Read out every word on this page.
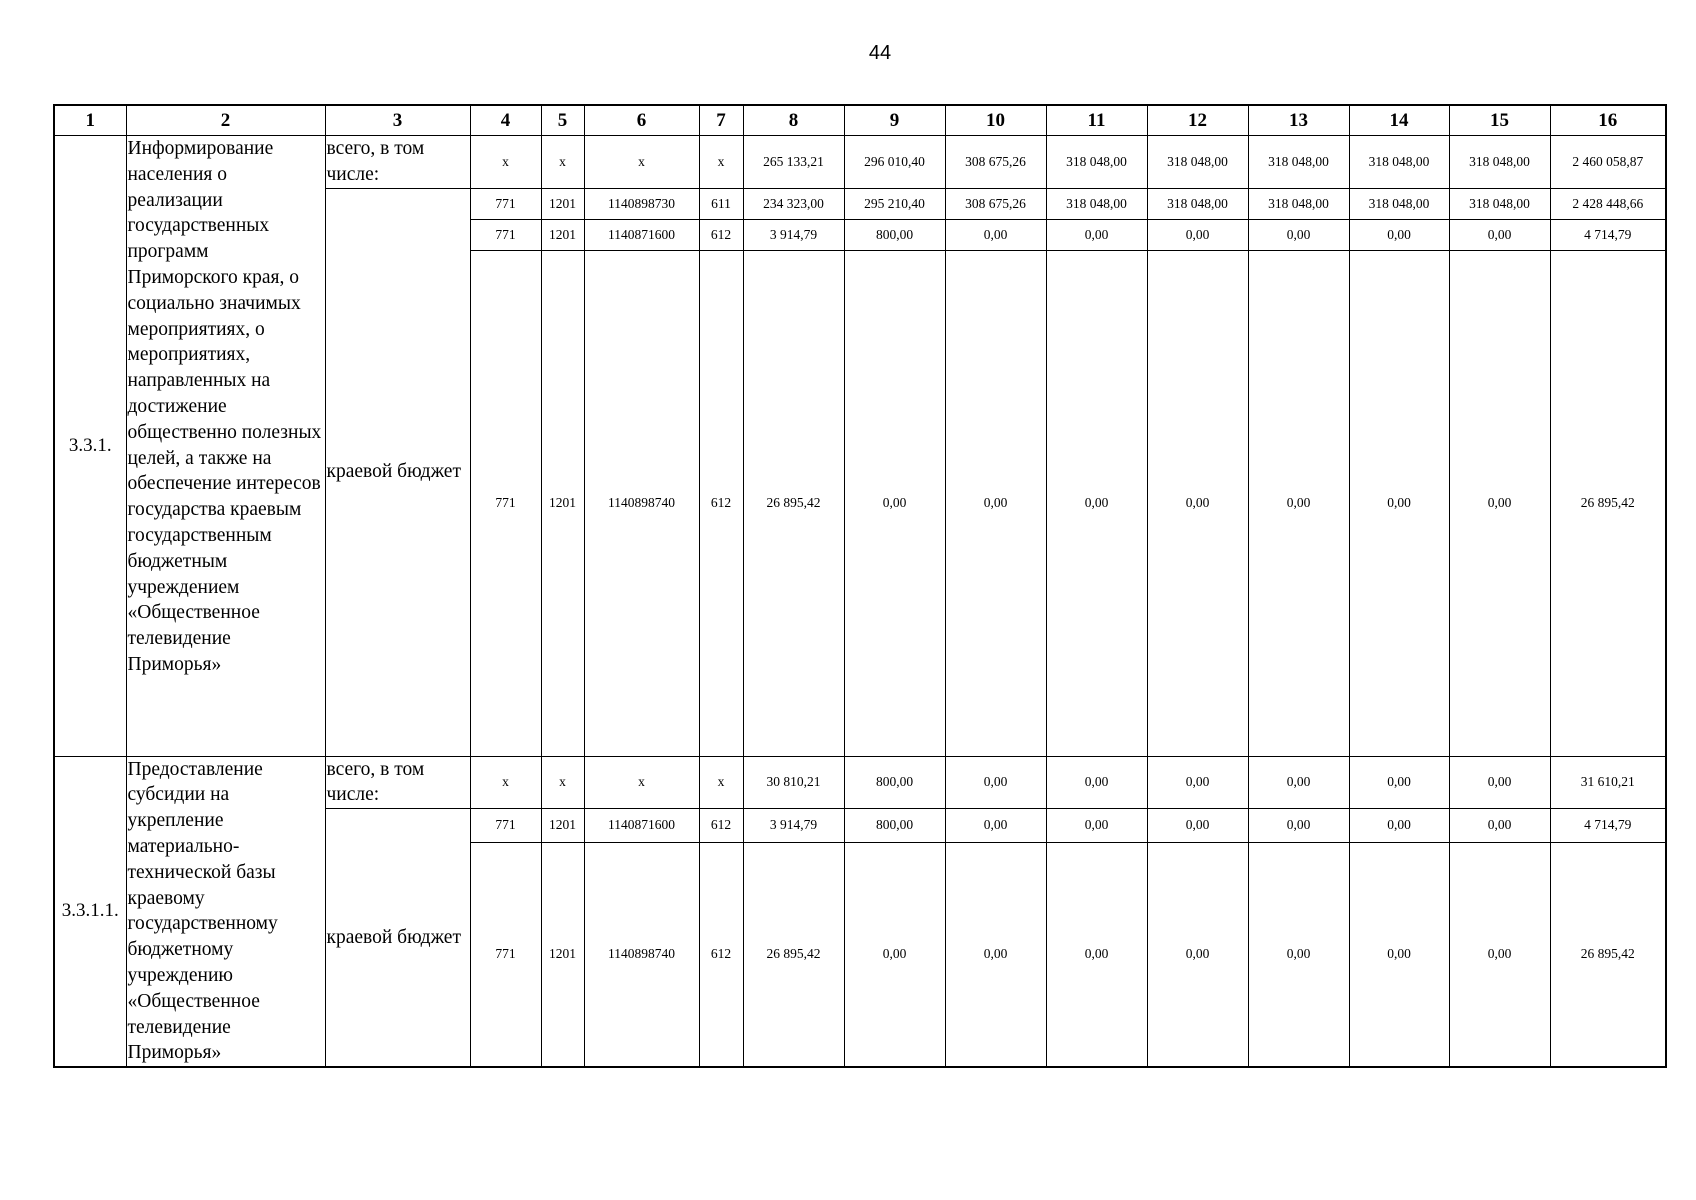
44
1	2	3	4	5	6	7	8	9	10	11	12	13	14	15	16
3.3.1.	Информирование населения о реализации государственных программ Приморского края, о социально значимых мероприятиях, о мероприятиях, направленных на достижение общественно полезных целей, а также на обеспечение интересов государства краевым государственным бюджетным учреждением «Общественное телевидение Приморья»	всего, в том числе:	x	x	x	x	265 133,21	296 010,40	308 675,26	318 048,00	318 048,00	318 048,00	318 048,00	318 048,00	2 460 058,87
		краевой бюджет	771	1201	1140898730	611	234 323,00	295 210,40	308 675,26	318 048,00	318 048,00	318 048,00	318 048,00	318 048,00	2 428 448,66
			771	1201	1140871600	612	3 914,79	800,00	0,00	0,00	0,00	0,00	0,00	0,00	4 714,79
			771	1201	1140898740	612	26 895,42	0,00	0,00	0,00	0,00	0,00	0,00	0,00	26 895,42
3.3.1.1.	Предоставление субсидии на укрепление материально-технической базы краевому государственному бюджетному учреждению «Общественное телевидение Приморья»	всего, в том числе:	x	x	x	x	30 810,21	800,00	0,00	0,00	0,00	0,00	0,00	0,00	31 610,21
		краевой бюджет	771	1201	1140871600	612	3 914,79	800,00	0,00	0,00	0,00	0,00	0,00	0,00	4 714,79
			771	1201	1140898740	612	26 895,42	0,00	0,00	0,00	0,00	0,00	0,00	0,00	26 895,42
